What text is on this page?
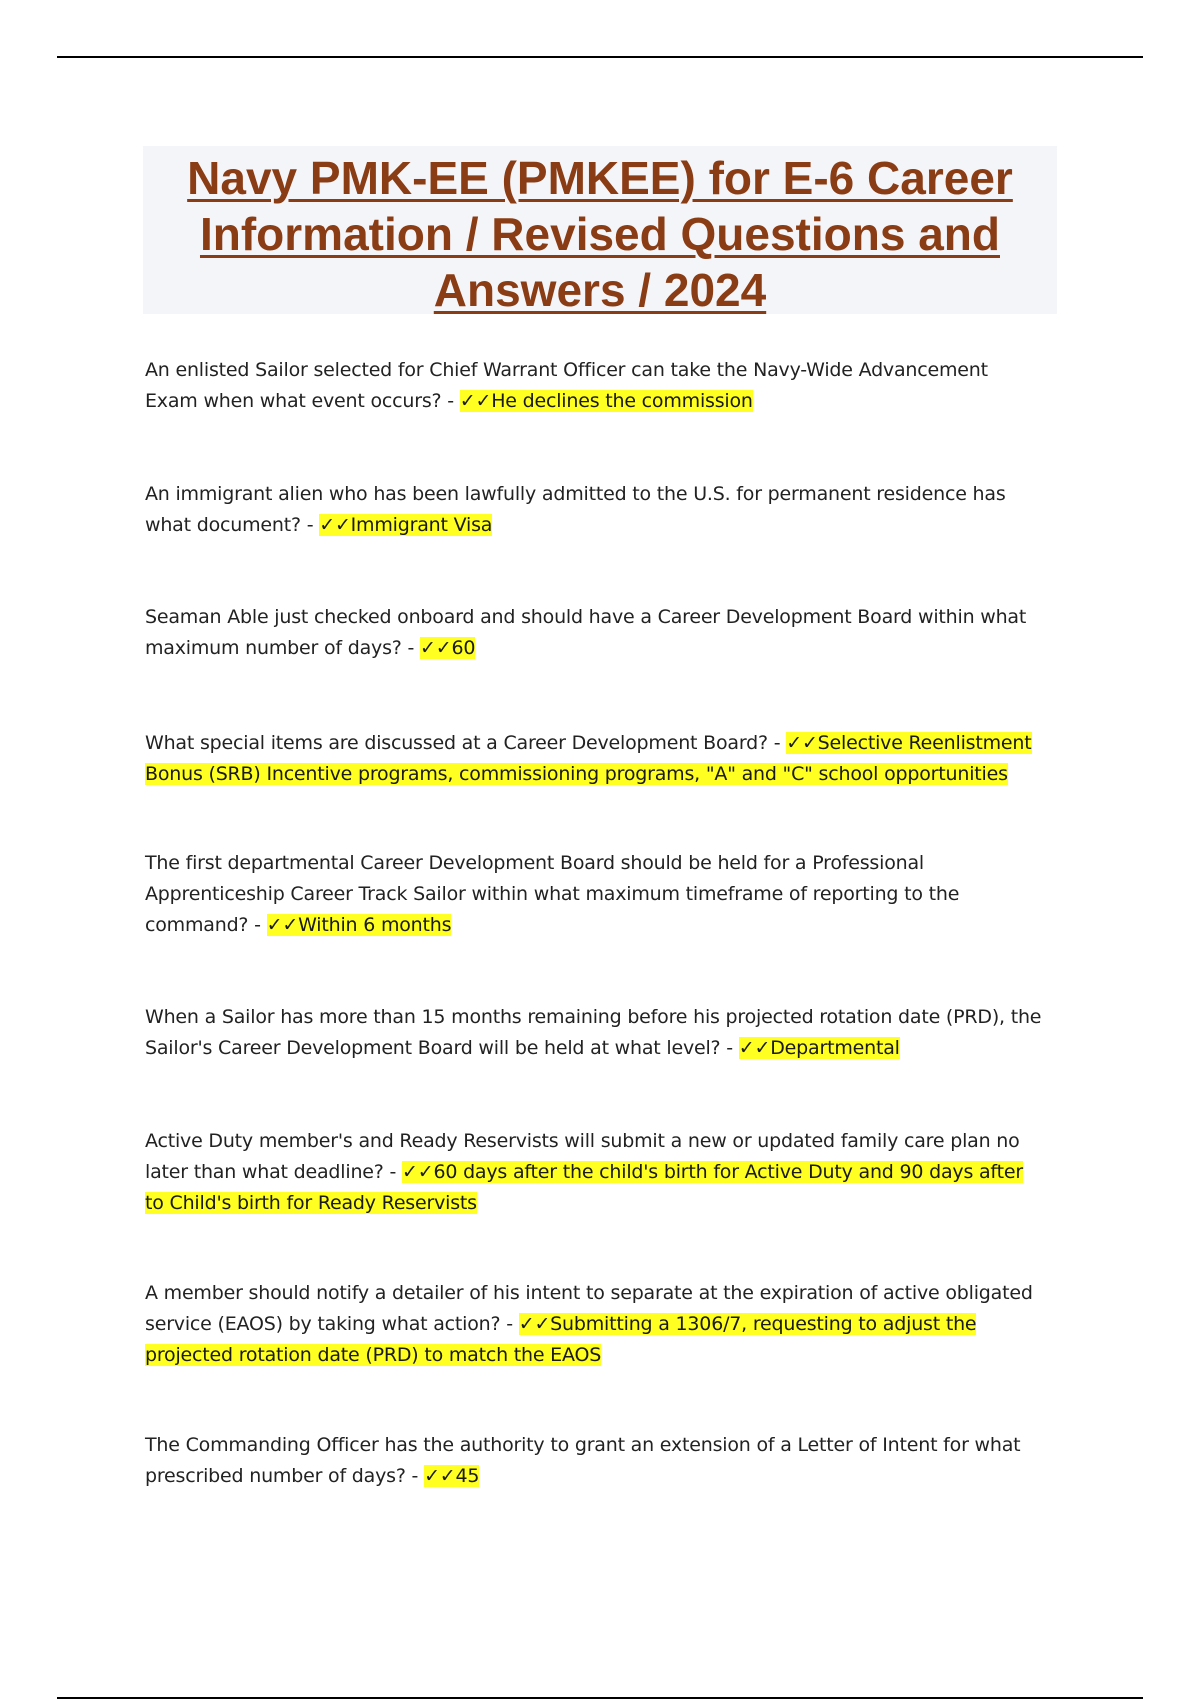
Navy PMK-EE (PMKEE) for E-6 Career Information / Revised Questions and Answers / 2024
An enlisted Sailor selected for Chief Warrant Officer can take the Navy-Wide Advancement Exam when what event occurs? - ✓✓He declines the commission
An immigrant alien who has been lawfully admitted to the U.S. for permanent residence has what document? - ✓✓Immigrant Visa
Seaman Able just checked onboard and should have a Career Development Board within what maximum number of days? - ✓✓60
What special items are discussed at a Career Development Board? - ✓✓Selective Reenlistment Bonus (SRB) Incentive programs, commissioning programs, "A" and "C" school opportunities
The first departmental Career Development Board should be held for a Professional Apprenticeship Career Track Sailor within what maximum timeframe of reporting to the command? - ✓✓Within 6 months
When a Sailor has more than 15 months remaining before his projected rotation date (PRD), the Sailor's Career Development Board will be held at what level? - ✓✓Departmental
Active Duty member's and Ready Reservists will submit a new or updated family care plan no later than what deadline? - ✓✓60 days after the child's birth for Active Duty and 90 days after to Child's birth for Ready Reservists
A member should notify a detailer of his intent to separate at the expiration of active obligated service (EAOS) by taking what action? - ✓✓Submitting a 1306/7, requesting to adjust the projected rotation date (PRD) to match the EAOS
The Commanding Officer has the authority to grant an extension of a Letter of Intent for what prescribed number of days? - ✓✓45
